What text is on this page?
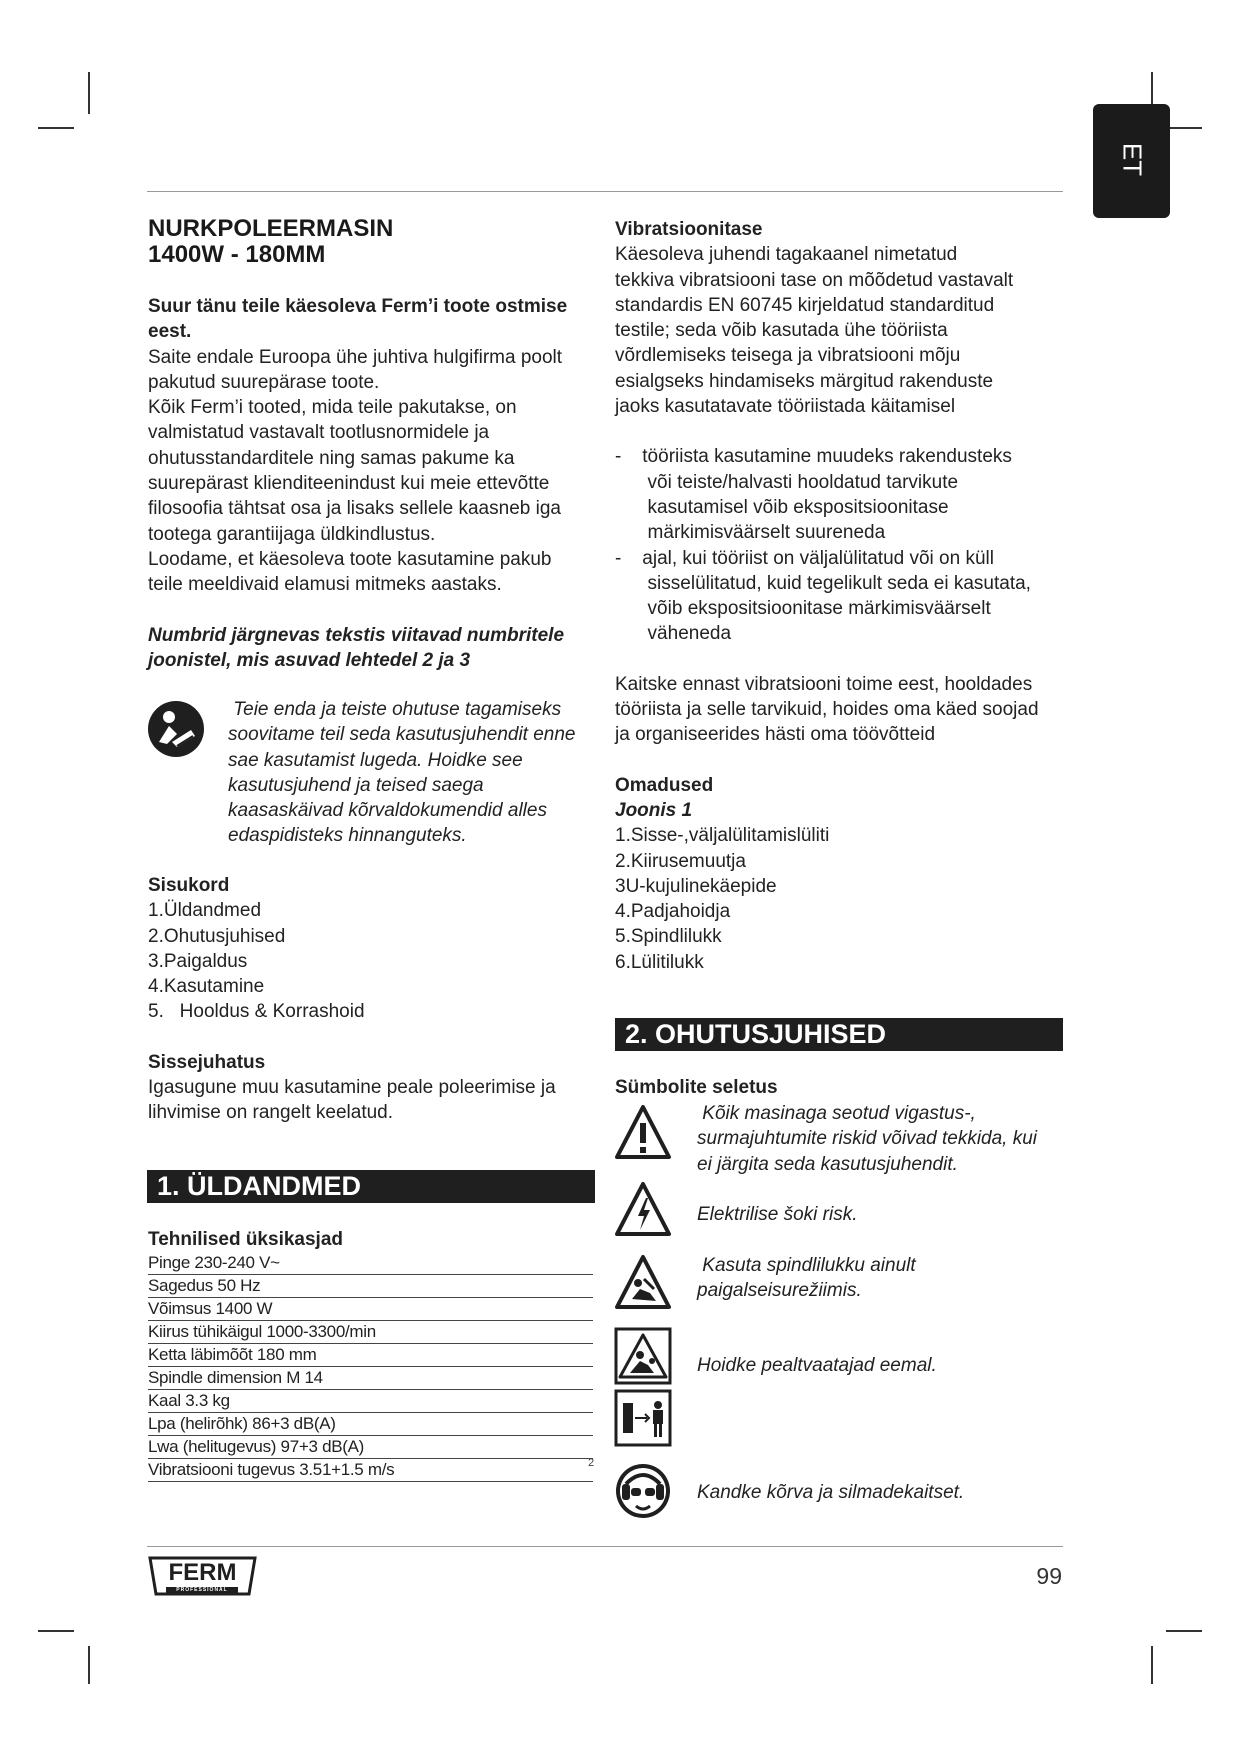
ET
NURKPOLEERMASIN
1400W - 180MM
Suur tänu teile käesoleva Ferm’i toote ostmise eest.
Saite endale Euroopa ühe juhtiva hulgifirma poolt
pakutud suurepärase toote.
Kõik Ferm’i tooted, mida teile pakutakse, on
valmistatud vastavalt tootlusnormidele ja
ohutusstandarditele ning samas pakume ka
suurepärast klienditeenindust kui meie ettevõtte
filosoofia tähtsat osa ja lisaks sellele kaasneb iga
tootega garantiijaga üldkindlustus.
Loodame, et käesoleva toote kasutamine pakub
teile meeldivaid elamusi mitmeks aastaks.
Numbrid järgnevas tekstis viitavad numbritele
joonistel, mis asuvad lehtedel 2 ja 3
Teie enda ja teiste ohutuse tagamiseks
soovitame teil seda kasutusjuhendit enne
sae kasutamist lugeda. Hoidke see
kasutusjuhend ja teised saega
kaasaskäivad kõrvaldokumendid alles
edaspidisteks hinnanguteks.
Sisukord
1.Üldandmed
2.Ohutusjuhised
3.Paigaldus
4.Kasutamine
5.   Hooldus & Korrashoid
Sissejuhatus
Igasugune muu kasutamine peale poleerimise ja
lihvimise on rangelt keelatud.
1. ÜLDANDMED
Tehnilised üksikasjad
Pinge 230-240 V~
Sagedus 50 Hz
Võimsus 1400 W
Kiirus tühikäigul 1000-3300/min
Ketta läbimõõt 180 mm
Spindle dimension M 14
Kaal 3.3 kg
Lpa (helirõhk) 86+3 dB(A)
Lwa (helitugevus) 97+3 dB(A)
Vibratsiooni tugevus 3.51+1.5 m/s	2
Vibratsioonitase
Käesoleva juhendi tagakaanel nimetatud
tekkiva vibratsiooni tase on mõõdetud vastavalt
standardis EN 60745 kirjeldatud standarditud
testile; seda võib kasutada ühe tööriista
võrdlemiseks teisega ja vibratsiooni mõju
esialgseks hindamiseks märgitud rakenduste
jaoks kasutatavate tööriistada käitamisel
- tööriista kasutamine muudeks rakendusteks
või teiste/halvasti hooldatud tarvikute
kasutamisel võib ekspositsioonitase
märkimisväärselt suureneda
- ajal, kui tööriist on väljalülitatud või on küll
sisselülitatud, kuid tegelikult seda ei kasutata,
võib ekspositsioonitase märkimisväärselt
väheneda
Kaitske ennast vibratsiooni toime eest, hooldades
tööriista ja selle tarvikuid, hoides oma käed soojad
ja organiseerides hästi oma töövõtteid
Omadused
Joonis 1
1.Sisse-,väljalülitamislüliti
2.Kiirusemuutja
3U-kujulinekäepide
4.Padjahoidja
5.Spindlilukk
6.Lülitilukk
2. OHUTUSJUHISED
Sümbolite seletus
Kõik masinaga seotud vigastus-,
surmajuhtumite riskid võivad tekkida, kui
ei järgita seda kasutusjuhendit.
Elektrilise šoki risk.
Kasuta spindlilukku ainult
paigalseisurežiimis.
Hoidke pealtvaatajad eemal.
Kandke kõrva ja silmadekaitset.
FERM
PROFESSIONAL
99
